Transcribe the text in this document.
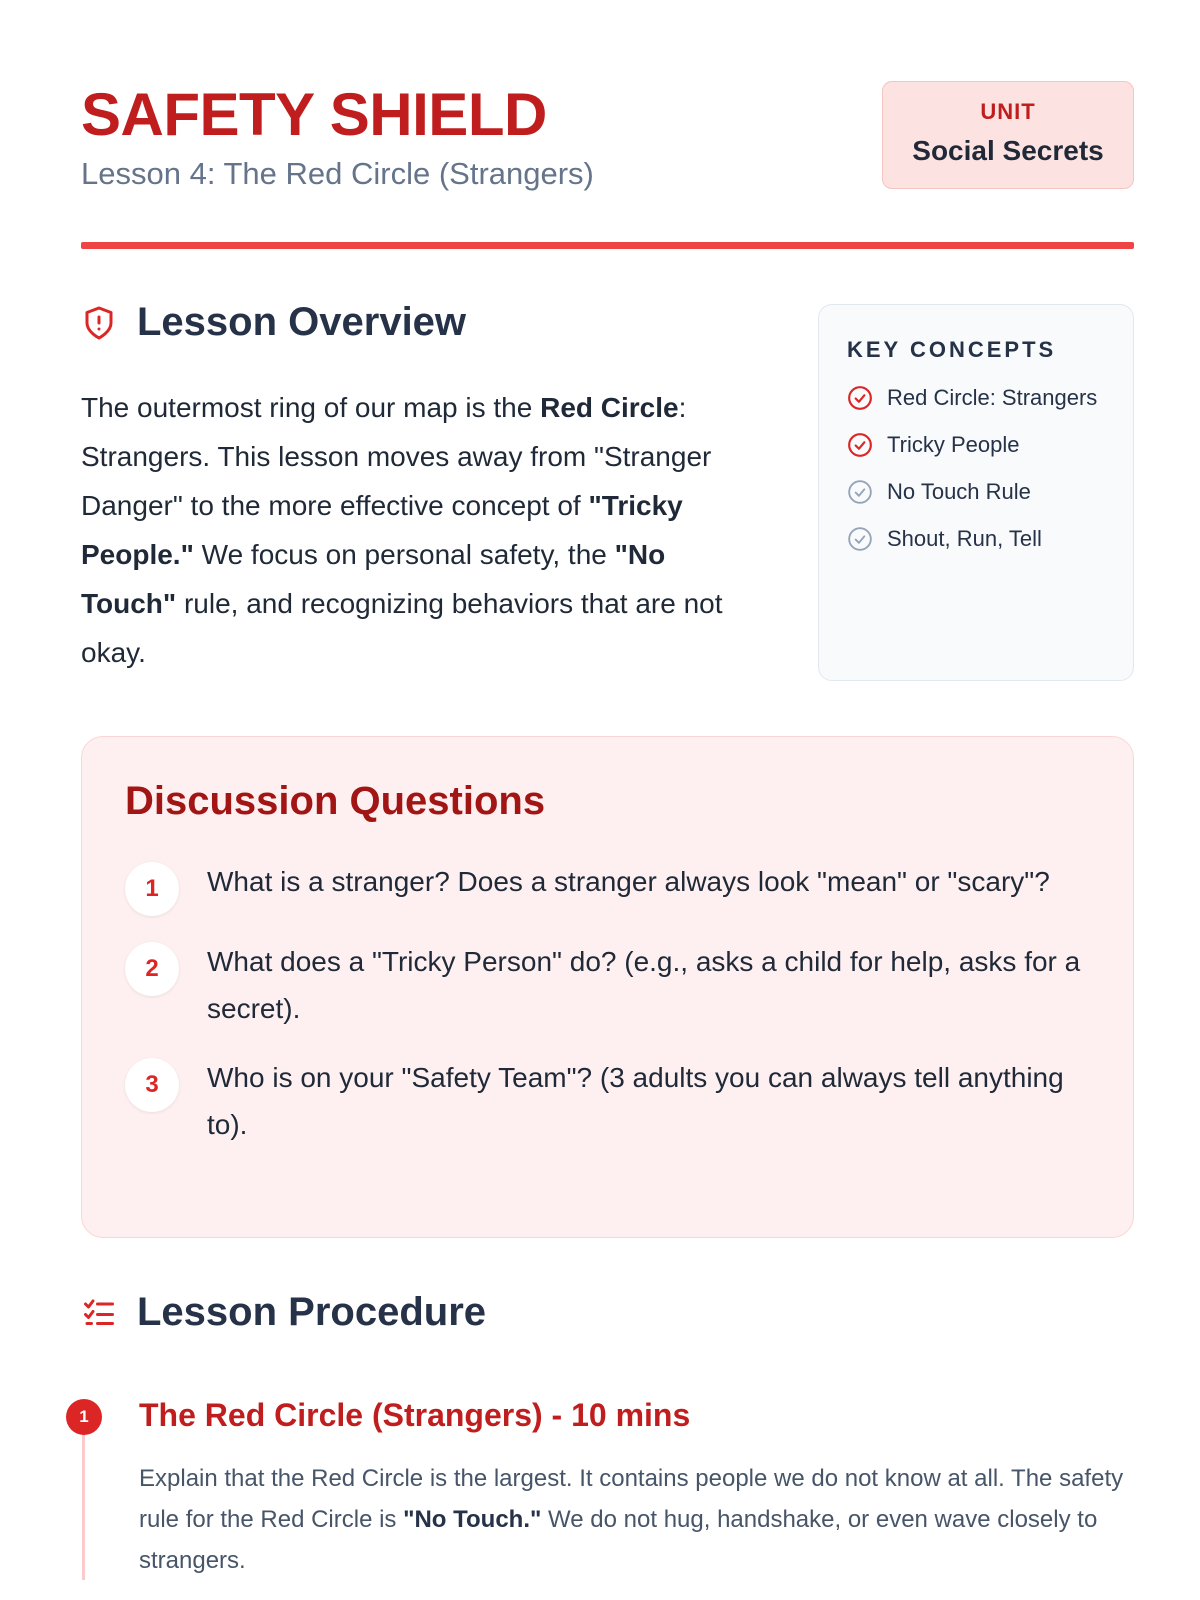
SAFETY SHIELD
Lesson 4: The Red Circle (Strangers)
UNIT
Social Secrets
Lesson Overview
The outermost ring of our map is the Red Circle: Strangers. This lesson moves away from "Stranger Danger" to the more effective concept of "Tricky People." We focus on personal safety, the "No Touch" rule, and recognizing behaviors that are not okay.
KEY CONCEPTS
Red Circle: Strangers
Tricky People
No Touch Rule
Shout, Run, Tell
Discussion Questions
1	What is a stranger? Does a stranger always look "mean" or "scary"?
2	What does a "Tricky Person" do? (e.g., asks a child for help, asks for a secret).
3	Who is on your "Safety Team"? (3 adults you can always tell anything to).
Lesson Procedure
1	The Red Circle (Strangers) - 10 mins
Explain that the Red Circle is the largest. It contains people we do not know at all. The safety rule for the Red Circle is "No Touch." We do not hug, handshake, or even wave closely to strangers.
